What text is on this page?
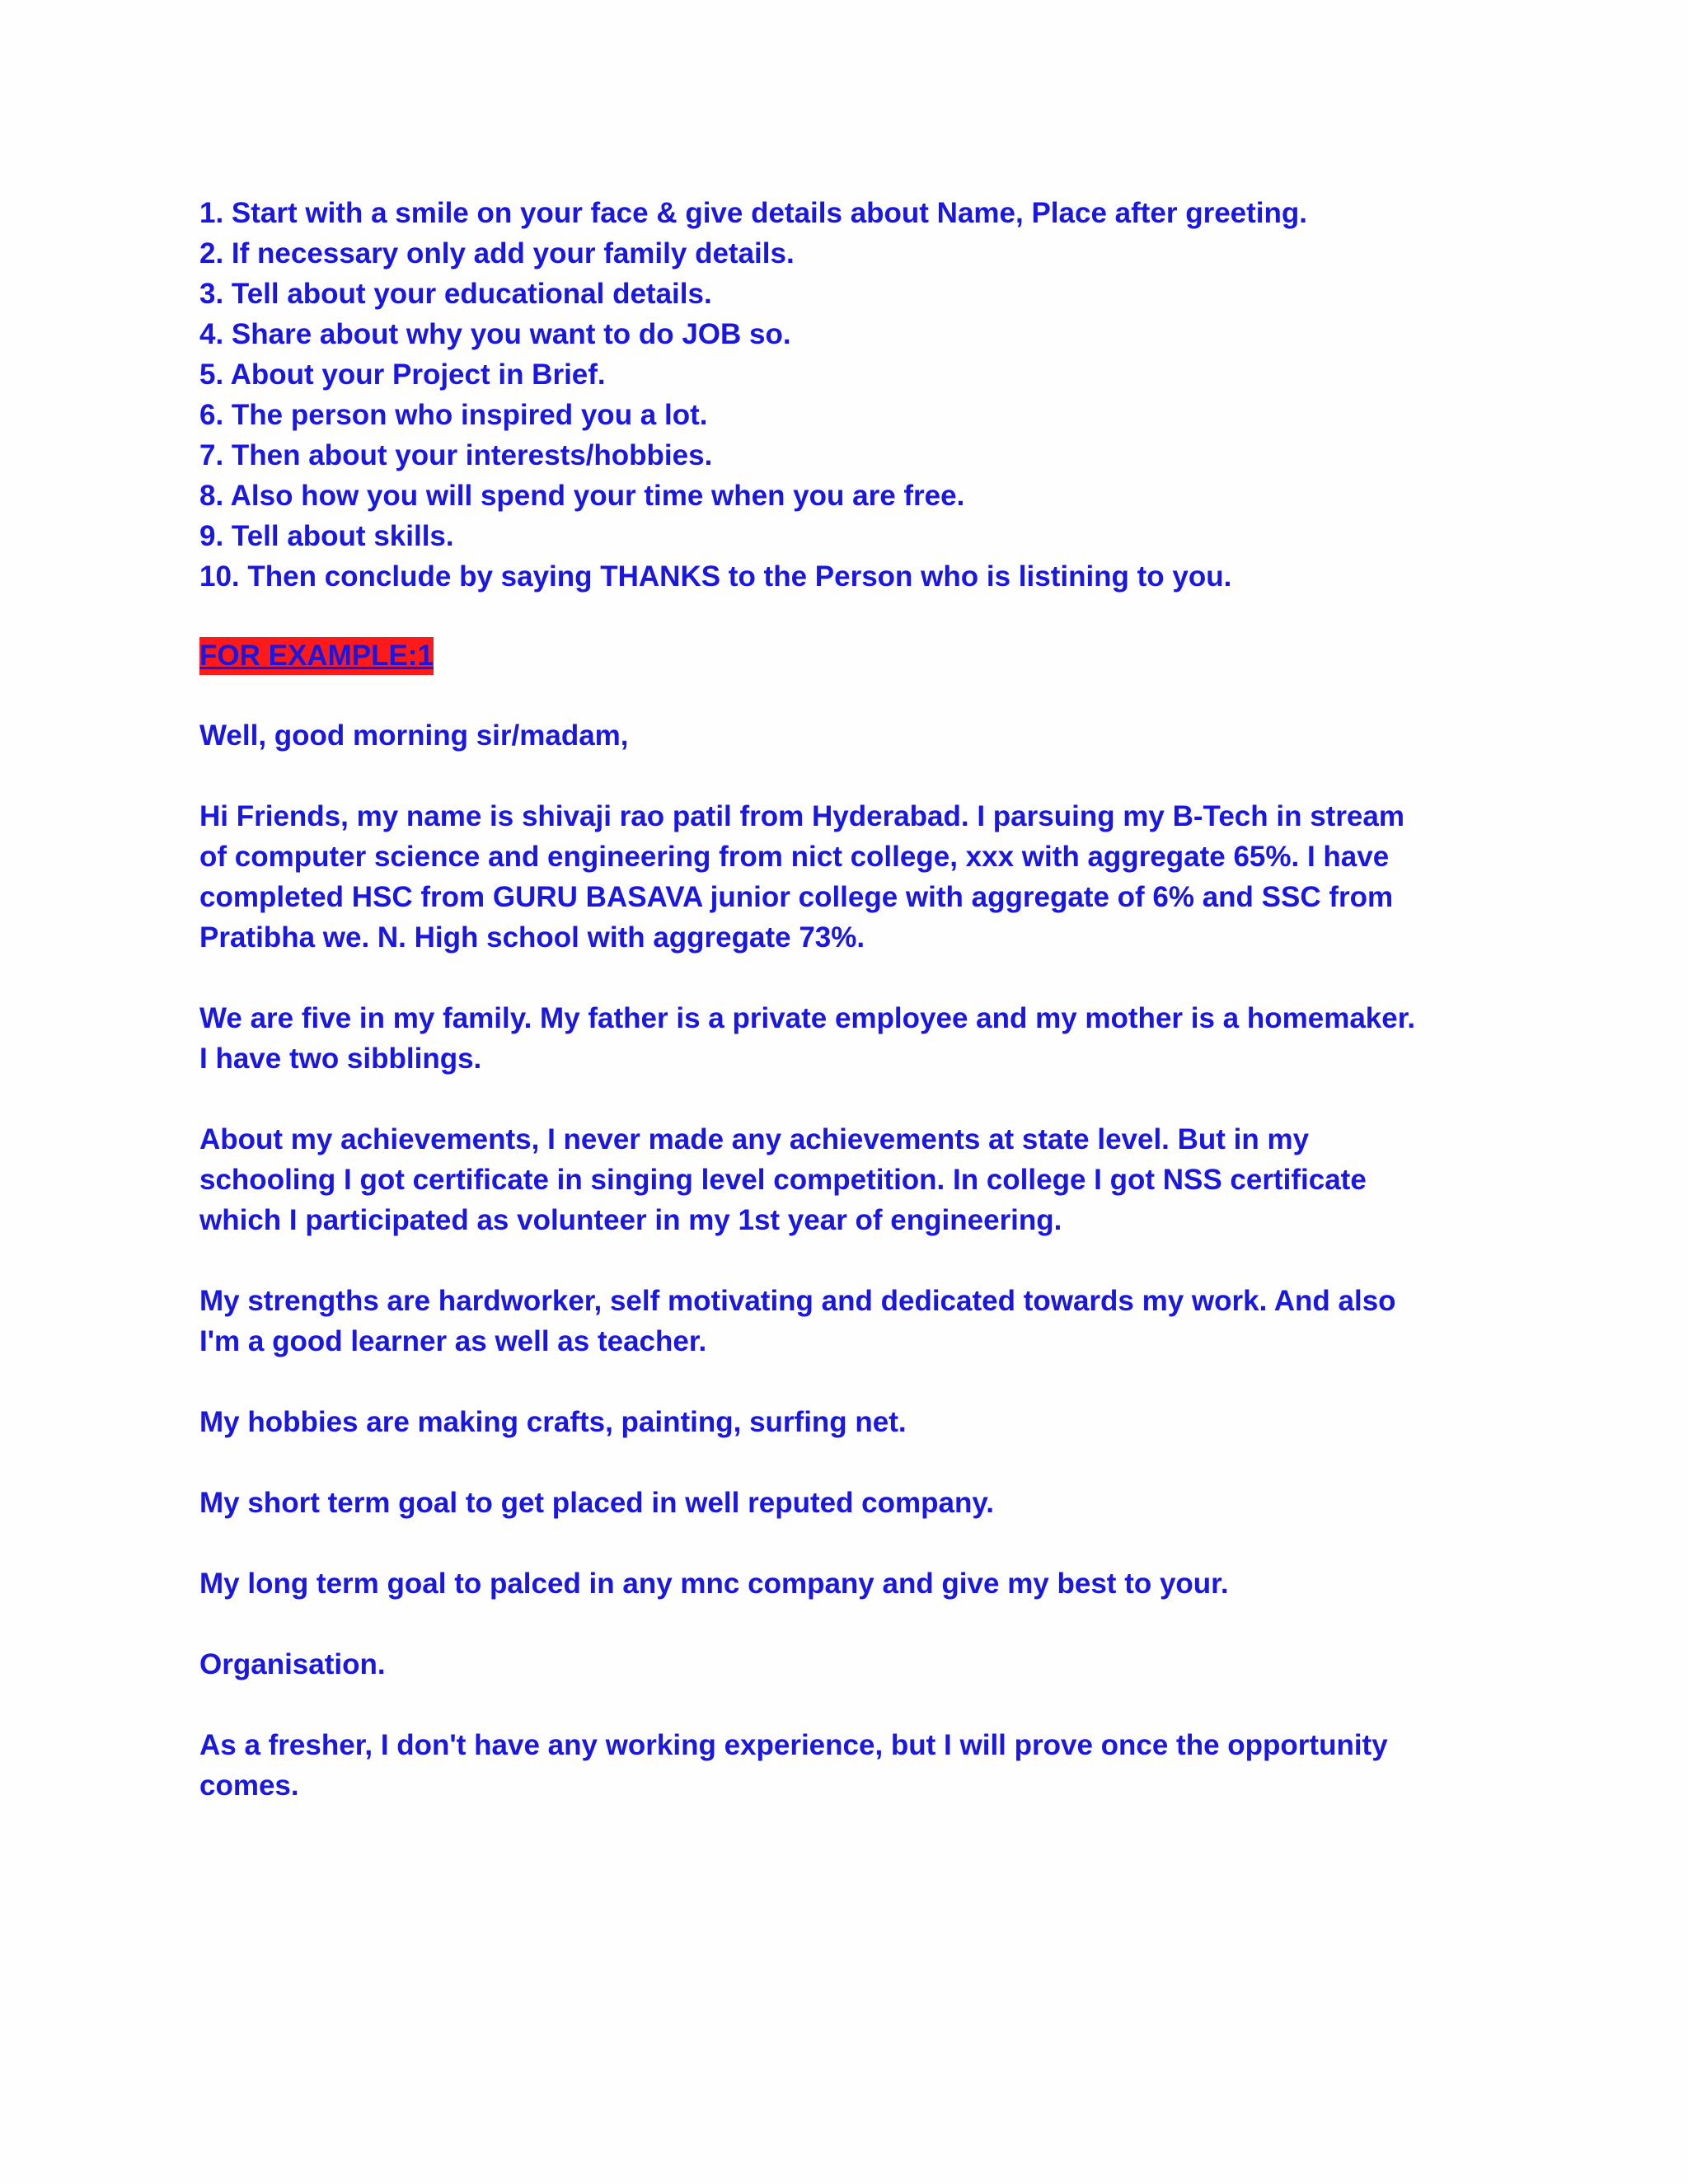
1. Start with a smile on your face & give details about Name, Place after greeting.
2. If necessary only add your family details.
3. Tell about your educational details.
4. Share about why you want to do JOB so.
5. About your Project in Brief.
6. The person who inspired you a lot.
7. Then about your interests/hobbies.
8. Also how you will spend your time when you are free.
9. Tell about skills.
10. Then conclude by saying THANKS to the Person who is listining to you.
FOR EXAMPLE:1
Well, good morning sir/madam,
Hi Friends, my name is shivaji rao patil from Hyderabad. I parsuing my B-Tech in stream
of computer science and engineering from nict college, xxx with aggregate 65%. I have
completed HSC from GURU BASAVA junior college with aggregate of 6% and SSC from
Pratibha we. N. High school with aggregate 73%.
We are five in my family. My father is a private employee and my mother is a homemaker.
I have two sibblings.
About my achievements, I never made any achievements at state level. But in my
schooling I got certificate in singing level competition. In college I got NSS certificate
which I participated as volunteer in my 1st year of engineering.
My strengths are hardworker, self motivating and dedicated towards my work. And also
I'm a good learner as well as teacher.
My hobbies are making crafts, painting, surfing net.
My short term goal to get placed in well reputed company.
My long term goal to palced in any mnc company and give my best to your.
Organisation.
As a fresher, I don't have any working experience, but I will prove once the opportunity
comes.
